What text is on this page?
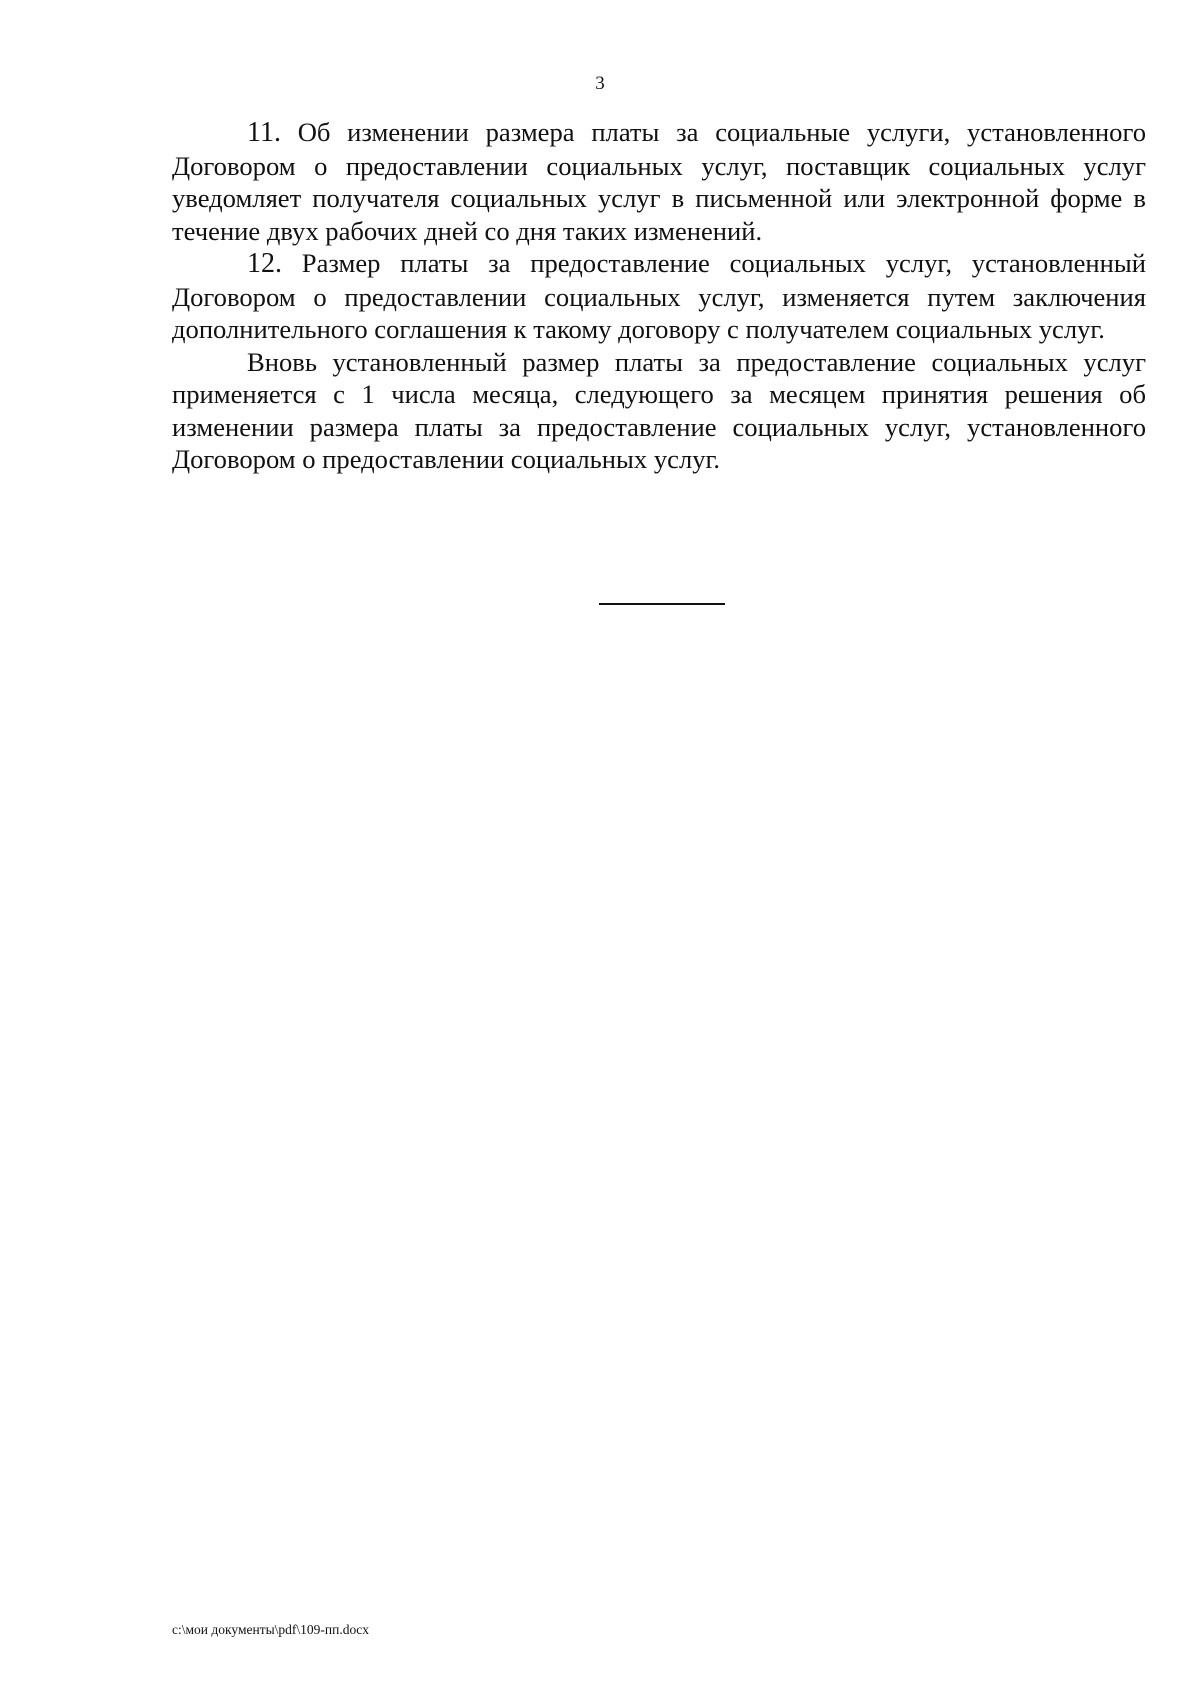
3

11. Об изменении размера платы за социальные услуги, установленного Договором о предоставлении социальных услуг, поставщик социальных услуг уведомляет получателя социальных услуг в письменной или электронной форме в течение двух рабочих дней со дня таких изменений.

12. Размер платы за предоставление социальных услуг, установленный Договором о предоставлении социальных услуг, изменяется путем заключения дополнительного соглашения к такому договору с получателем социальных услуг.

Вновь установленный размер платы за предоставление социальных услуг применяется с 1 числа месяца, следующего за месяцем принятия решения об изменении размера платы за предоставление социальных услуг, установленного Договором о предоставлении социальных услуг.

c:\мои документы\pdf\109-пп.docx
